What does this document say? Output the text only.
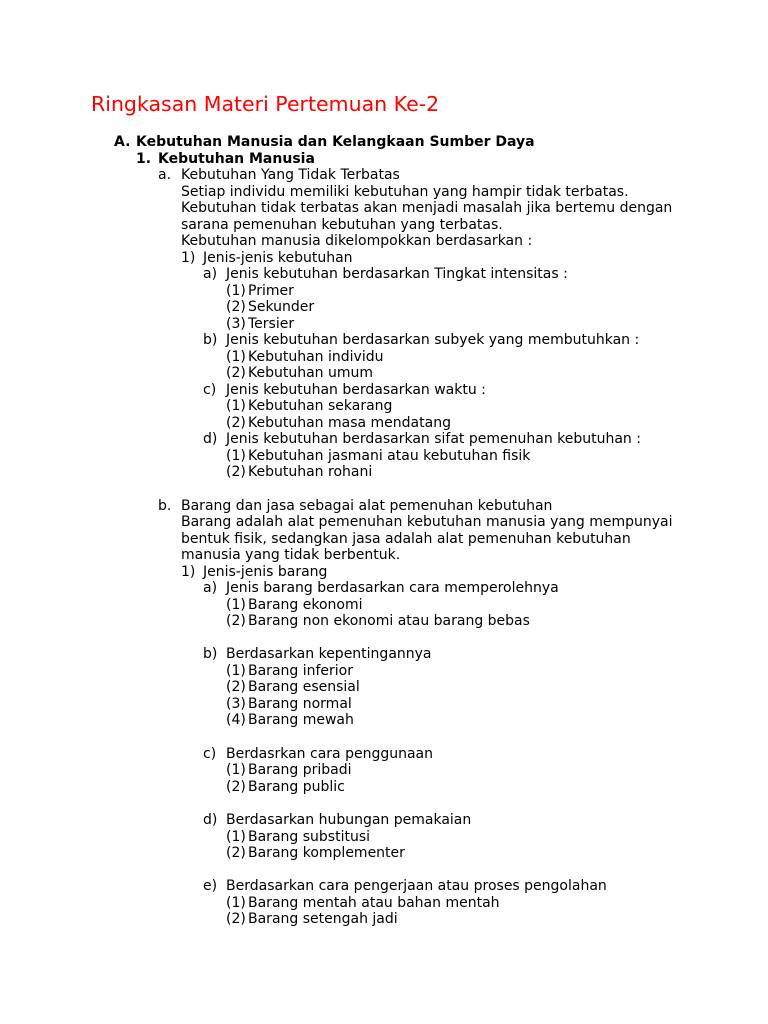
Ringkasan Materi Pertemuan Ke-2
A. Kebutuhan Manusia dan Kelangkaan Sumber Daya
1. Kebutuhan Manusia
a. Kebutuhan Yang Tidak Terbatas
Setiap individu memiliki kebutuhan yang hampir tidak terbatas.
Kebutuhan tidak terbatas akan menjadi masalah jika bertemu dengan
sarana pemenuhan kebutuhan yang terbatas.
Kebutuhan manusia dikelompokkan berdasarkan :
1) Jenis-jenis kebutuhan
a) Jenis kebutuhan berdasarkan Tingkat intensitas :
(1) Primer
(2) Sekunder
(3) Tersier
b) Jenis kebutuhan berdasarkan subyek yang membutuhkan :
(1) Kebutuhan individu
(2) Kebutuhan umum
c) Jenis kebutuhan berdasarkan waktu :
(1) Kebutuhan sekarang
(2) Kebutuhan masa mendatang
d) Jenis kebutuhan berdasarkan sifat pemenuhan kebutuhan :
(1) Kebutuhan jasmani atau kebutuhan fisik
(2) Kebutuhan rohani
b. Barang dan jasa sebagai alat pemenuhan kebutuhan
Barang adalah alat pemenuhan kebutuhan manusia yang mempunyai
bentuk fisik, sedangkan jasa adalah alat pemenuhan kebutuhan
manusia yang tidak berbentuk.
1) Jenis-jenis barang
a) Jenis barang berdasarkan cara memperolehnya
(1) Barang ekonomi
(2) Barang non ekonomi atau barang bebas
b) Berdasarkan kepentingannya
(1) Barang inferior
(2) Barang esensial
(3) Barang normal
(4) Barang mewah
c) Berdasrkan cara penggunaan
(1) Barang pribadi
(2) Barang public
d) Berdasarkan hubungan pemakaian
(1) Barang substitusi
(2) Barang komplementer
e) Berdasarkan cara pengerjaan atau proses pengolahan
(1) Barang mentah atau bahan mentah
(2) Barang setengah jadi
